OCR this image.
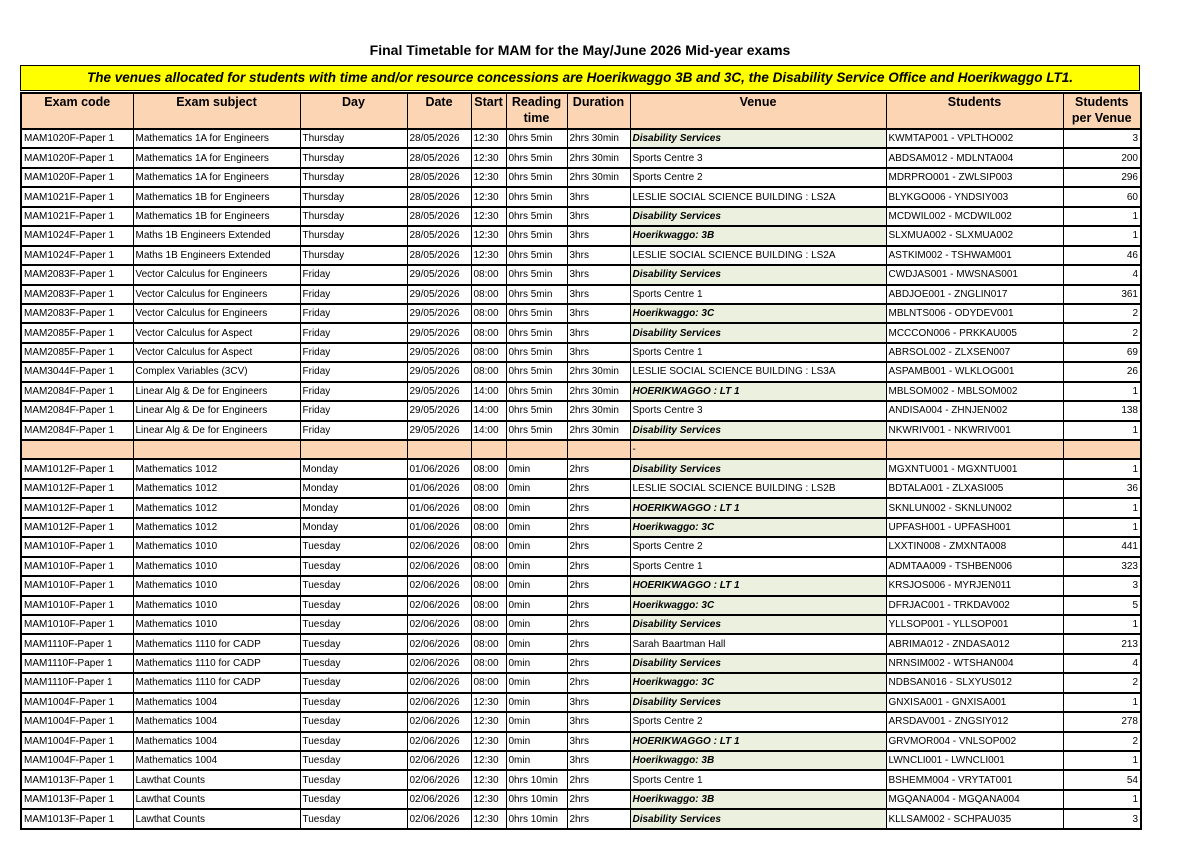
Final Timetable for MAM for the May/June 2026 Mid-year exams
The venues allocated for students with time and/or resource concessions are Hoerikwaggo 3B and 3C, the Disability Service Office and Hoerikwaggo LT1.
Exam code	Exam subject	Day	Date	Start	Reading time	Duration	Venue	Students	Students per Venue
MAM1020F-Paper 1	Mathematics 1A for Engineers	Thursday	28/05/2026	12:30	0hrs 5min	2hrs 30min	Disability Services	KWMTAP001 - VPLTHO002	3
MAM1020F-Paper 1	Mathematics 1A for Engineers	Thursday	28/05/2026	12:30	0hrs 5min	2hrs 30min	Sports Centre 3	ABDSAM012 - MDLNTA004	200
MAM1020F-Paper 1	Mathematics 1A for Engineers	Thursday	28/05/2026	12:30	0hrs 5min	2hrs 30min	Sports Centre 2	MDRPRO001 - ZWLSIP003	296
MAM1021F-Paper 1	Mathematics 1B for Engineers	Thursday	28/05/2026	12:30	0hrs 5min	3hrs	LESLIE SOCIAL SCIENCE BUILDING : LS2A	BLYKGO006 - YNDSIY003	60
MAM1021F-Paper 1	Mathematics 1B for Engineers	Thursday	28/05/2026	12:30	0hrs 5min	3hrs	Disability Services	MCDWIL002 - MCDWIL002	1
MAM1024F-Paper 1	Maths 1B Engineers Extended	Thursday	28/05/2026	12:30	0hrs 5min	3hrs	Hoerikwaggo: 3B	SLXMUA002 - SLXMUA002	1
MAM1024F-Paper 1	Maths 1B Engineers Extended	Thursday	28/05/2026	12:30	0hrs 5min	3hrs	LESLIE SOCIAL SCIENCE BUILDING : LS2A	ASTKIM002 - TSHWAM001	46
MAM2083F-Paper 1	Vector Calculus for Engineers	Friday	29/05/2026	08:00	0hrs 5min	3hrs	Disability Services	CWDJAS001 - MWSNAS001	4
MAM2083F-Paper 1	Vector Calculus for Engineers	Friday	29/05/2026	08:00	0hrs 5min	3hrs	Sports Centre 1	ABDJOE001 - ZNGLIN017	361
MAM2083F-Paper 1	Vector Calculus for Engineers	Friday	29/05/2026	08:00	0hrs 5min	3hrs	Hoerikwaggo: 3C	MBLNTS006 - ODYDEV001	2
MAM2085F-Paper 1	Vector Calculus for Aspect	Friday	29/05/2026	08:00	0hrs 5min	3hrs	Disability Services	MCCCON006 - PRKKAU005	2
MAM2085F-Paper 1	Vector Calculus for Aspect	Friday	29/05/2026	08:00	0hrs 5min	3hrs	Sports Centre 1	ABRSOL002 - ZLXSEN007	69
MAM3044F-Paper 1	Complex Variables (3CV)	Friday	29/05/2026	08:00	0hrs 5min	2hrs 30min	LESLIE SOCIAL SCIENCE BUILDING : LS3A	ASPAMB001 - WLKLOG001	26
MAM2084F-Paper 1	Linear Alg & De for Engineers	Friday	29/05/2026	14:00	0hrs 5min	2hrs 30min	HOERIKWAGGO : LT 1	MBLSOM002 - MBLSOM002	1
MAM2084F-Paper 1	Linear Alg & De for Engineers	Friday	29/05/2026	14:00	0hrs 5min	2hrs 30min	Sports Centre 3	ANDISA004 - ZHNJEN002	138
MAM2084F-Paper 1	Linear Alg & De for Engineers	Friday	29/05/2026	14:00	0hrs 5min	2hrs 30min	Disability Services	NKWRIV001 - NKWRIV001	1
							-		
MAM1012F-Paper 1	Mathematics 1012	Monday	01/06/2026	08:00	0min	2hrs	Disability Services	MGXNTU001 - MGXNTU001	1
MAM1012F-Paper 1	Mathematics 1012	Monday	01/06/2026	08:00	0min	2hrs	LESLIE SOCIAL SCIENCE BUILDING : LS2B	BDTALA001 - ZLXASI005	36
MAM1012F-Paper 1	Mathematics 1012	Monday	01/06/2026	08:00	0min	2hrs	HOERIKWAGGO : LT 1	SKNLUN002 - SKNLUN002	1
MAM1012F-Paper 1	Mathematics 1012	Monday	01/06/2026	08:00	0min	2hrs	Hoerikwaggo: 3C	UPFASH001 - UPFASH001	1
MAM1010F-Paper 1	Mathematics 1010	Tuesday	02/06/2026	08:00	0min	2hrs	Sports Centre 2	LXXTIN008 - ZMXNTA008	441
MAM1010F-Paper 1	Mathematics 1010	Tuesday	02/06/2026	08:00	0min	2hrs	Sports Centre 1	ADMTAA009 - TSHBEN006	323
MAM1010F-Paper 1	Mathematics 1010	Tuesday	02/06/2026	08:00	0min	2hrs	HOERIKWAGGO : LT 1	KRSJOS006 - MYRJEN011	3
MAM1010F-Paper 1	Mathematics 1010	Tuesday	02/06/2026	08:00	0min	2hrs	Hoerikwaggo: 3C	DFRJAC001 - TRKDAV002	5
MAM1010F-Paper 1	Mathematics 1010	Tuesday	02/06/2026	08:00	0min	2hrs	Disability Services	YLLSOP001 - YLLSOP001	1
MAM1110F-Paper 1	Mathematics 1110 for CADP	Tuesday	02/06/2026	08:00	0min	2hrs	Sarah Baartman Hall	ABRIMA012 - ZNDASA012	213
MAM1110F-Paper 1	Mathematics 1110 for CADP	Tuesday	02/06/2026	08:00	0min	2hrs	Disability Services	NRNSIM002 - WTSHAN004	4
MAM1110F-Paper 1	Mathematics 1110 for CADP	Tuesday	02/06/2026	08:00	0min	2hrs	Hoerikwaggo: 3C	NDBSAN016 - SLXYUS012	2
MAM1004F-Paper 1	Mathematics 1004	Tuesday	02/06/2026	12:30	0min	3hrs	Disability Services	GNXISA001 - GNXISA001	1
MAM1004F-Paper 1	Mathematics 1004	Tuesday	02/06/2026	12:30	0min	3hrs	Sports Centre 2	ARSDAV001 - ZNGSIY012	278
MAM1004F-Paper 1	Mathematics 1004	Tuesday	02/06/2026	12:30	0min	3hrs	HOERIKWAGGO : LT 1	GRVMOR004 - VNLSOP002	2
MAM1004F-Paper 1	Mathematics 1004	Tuesday	02/06/2026	12:30	0min	3hrs	Hoerikwaggo: 3B	LWNCLI001 - LWNCLI001	1
MAM1013F-Paper 1	Lawthat Counts	Tuesday	02/06/2026	12:30	0hrs 10min	2hrs	Sports Centre 1	BSHEMM004 - VRYTAT001	54
MAM1013F-Paper 1	Lawthat Counts	Tuesday	02/06/2026	12:30	0hrs 10min	2hrs	Hoerikwaggo: 3B	MGQANA004 - MGQANA004	1
MAM1013F-Paper 1	Lawthat Counts	Tuesday	02/06/2026	12:30	0hrs 10min	2hrs	Disability Services	KLLSAM002 - SCHPAU035	3
